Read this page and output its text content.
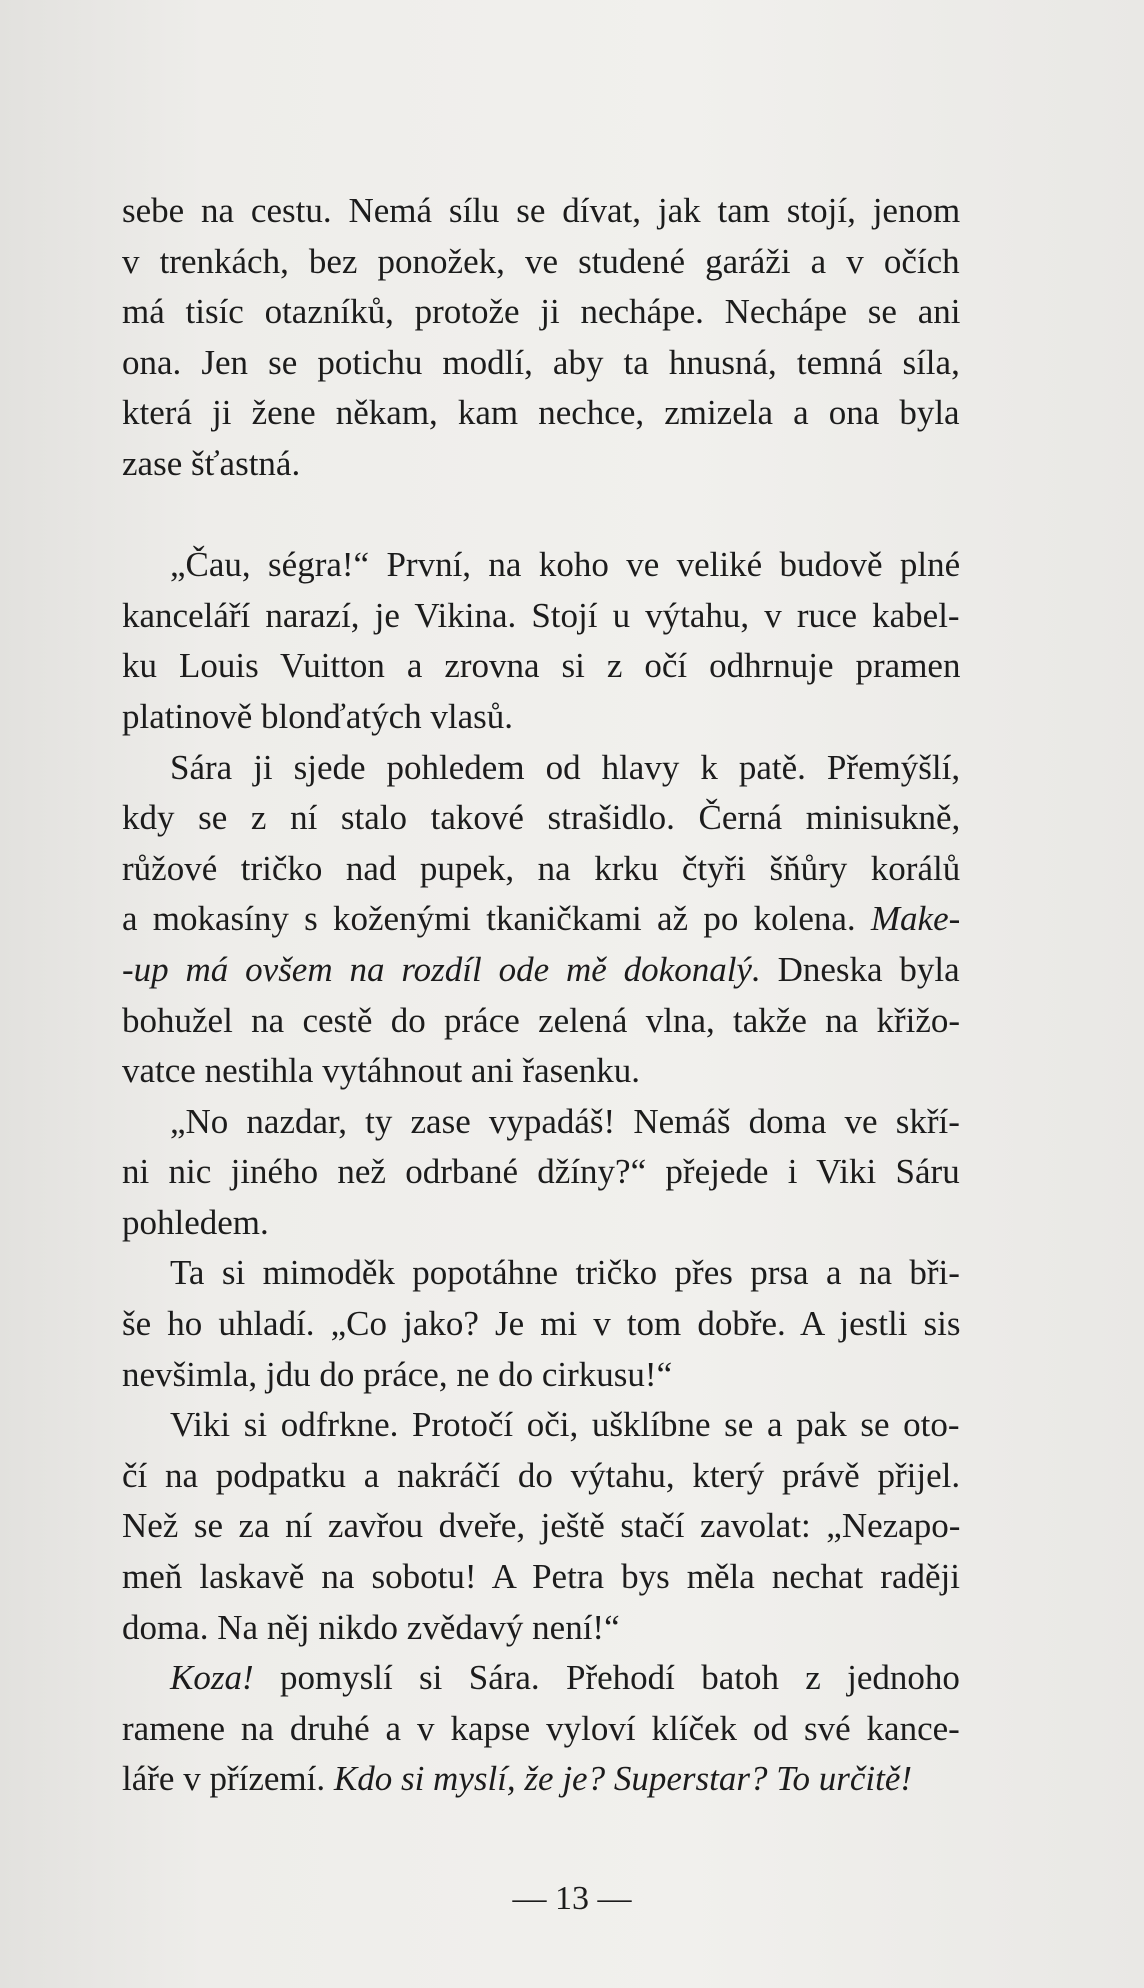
sebe na cestu. Nemá sílu se dívat, jak tam stojí, jenom
v trenkách, bez ponožek, ve studené garáži a v očích
má tisíc otazníků, protože ji nechápe. Nechápe se ani
ona. Jen se potichu modlí, aby ta hnusná, temná síla,
která ji žene někam, kam nechce, zmizela a ona byla
zase šťastná.
„Čau, ségra!“ První, na koho ve veliké budově plné
kanceláří narazí, je Vikina. Stojí u výtahu, v ruce kabel-
ku Louis Vuitton a zrovna si z očí odhrnuje pramen
platinově blonďatých vlasů.
Sára ji sjede pohledem od hlavy k patě. Přemýšlí,
kdy se z ní stalo takové strašidlo. Černá minisukně,
růžové tričko nad pupek, na krku čtyři šňůry korálů
a mokasíny s koženými tkaničkami až po kolena. Make-
-up má ovšem na rozdíl ode mě dokonalý. Dneska byla
bohužel na cestě do práce zelená vlna, takže na křižo-
vatce nestihla vytáhnout ani řasenku.
„No nazdar, ty zase vypadáš! Nemáš doma ve skří-
ni nic jiného než odrbané džíny?“ přejede i Viki Sáru
pohledem.
Ta si mimoděk popotáhne tričko přes prsa a na bři-
še ho uhladí. „Co jako? Je mi v tom dobře. A jestli sis
nevšimla, jdu do práce, ne do cirkusu!“
Viki si odfrkne. Protočí oči, ušklíbne se a pak se oto-
čí na podpatku a nakráčí do výtahu, který právě přijel.
Než se za ní zavřou dveře, ještě stačí zavolat: „Nezapo-
meň laskavě na sobotu! A Petra bys měla nechat raději
doma. Na něj nikdo zvědavý není!“
Koza! pomyslí si Sára. Přehodí batoh z jednoho
ramene na druhé a v kapse vyloví klíček od své kance-
láře v přízemí. Kdo si myslí, že je? Superstar? To určitě!
— 13 —
